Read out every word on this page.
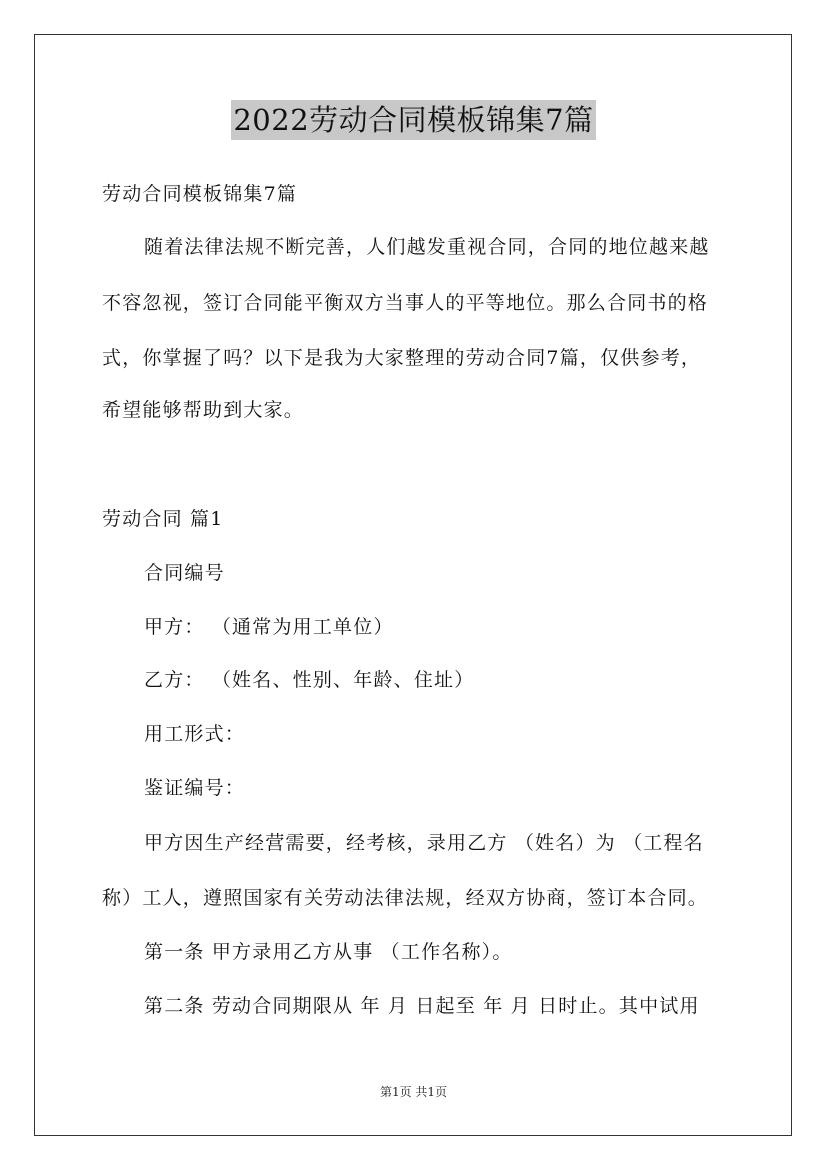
2022劳动合同模板锦集7篇
劳动合同模板锦集7篇
随着法律法规不断完善，人们越发重视合同，合同的地位越来越
不容忽视，签订合同能平衡双方当事人的平等地位。那么合同书的格
式，你掌握了吗？以下是我为大家整理的劳动合同7篇，仅供参考，
希望能够帮助到大家。
劳动合同 篇1
合同编号
甲方： （通常为用工单位）
乙方： （姓名、性别、年龄、住址）
用工形式：
鉴证编号：
甲方因生产经营需要，经考核，录用乙方 （姓名）为 （工程名
称）工人，遵照国家有关劳动法律法规，经双方协商，签订本合同。
第一条 甲方录用乙方从事 （工作名称）。
第二条 劳动合同期限从 年 月 日起至 年 月 日时止。其中试用
第1页 共1页
